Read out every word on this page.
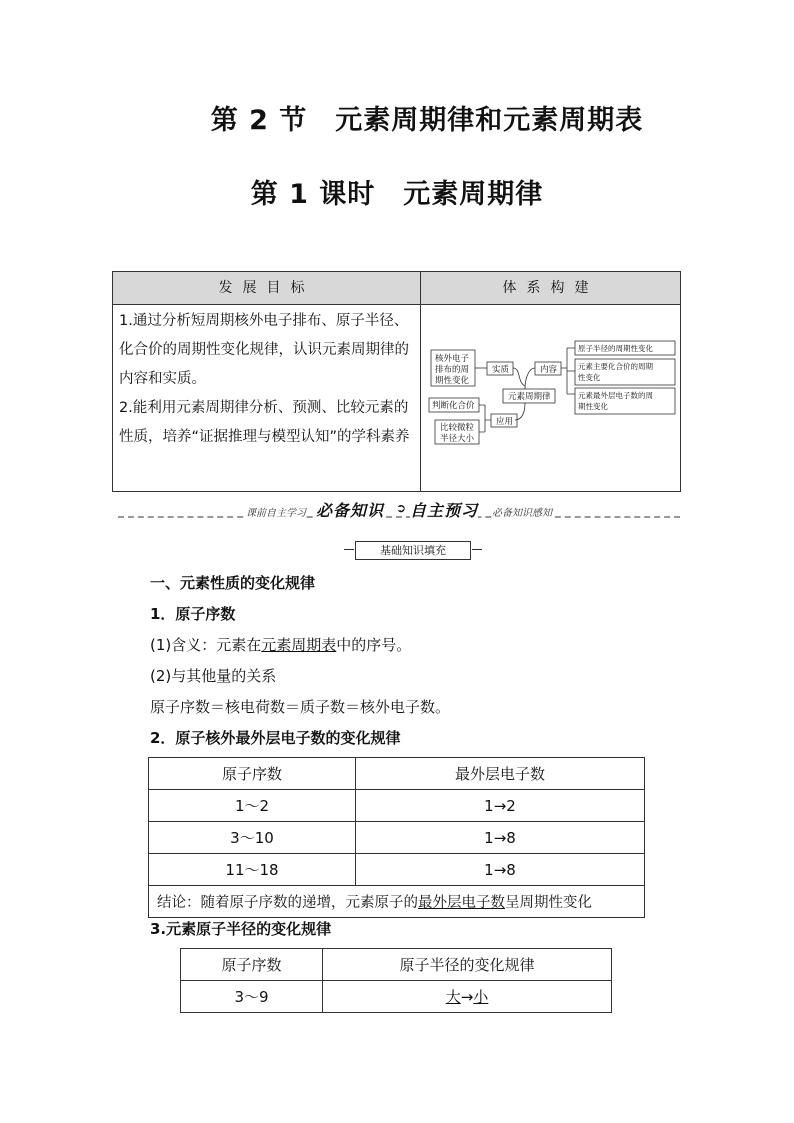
第 2 节　元素周期律和元素周期表
第 1 课时　元素周期律
发展目标	体系构建
1.通过分析短周期核外电子排布、原子半径、化合价的周期性变化规律，认识元素周期律的内容和实质。
2.能利用元素周期律分析、预测、比较元素的性质，培养“证据推理与模型认知”的学科素养
核外电子
排布的周
期性变化
实质
元素周期律
内容
原子半径的周期性变化
元素主要化合价的周期
性变化
元素最外层电子数的周
期性变化
应用
判断化合价
比较微粒
半径大小
课前自主学习 必备知识 ➲ 自主预习 必备知识感知
基础知识填充
一、元素性质的变化规律
1．原子序数
(1)含义：元素在元素周期表中的序号。
(2)与其他量的关系
原子序数＝核电荷数＝质子数＝核外电子数。
2．原子核外最外层电子数的变化规律
原子序数	最外层电子数
1～2	1→2
3～10	1→8
11～18	1→8
结论：随着原子序数的递增，元素原子的最外层电子数呈周期性变化	
3.元素原子半径的变化规律
原子序数	原子半径的变化规律
3～9	大→小
